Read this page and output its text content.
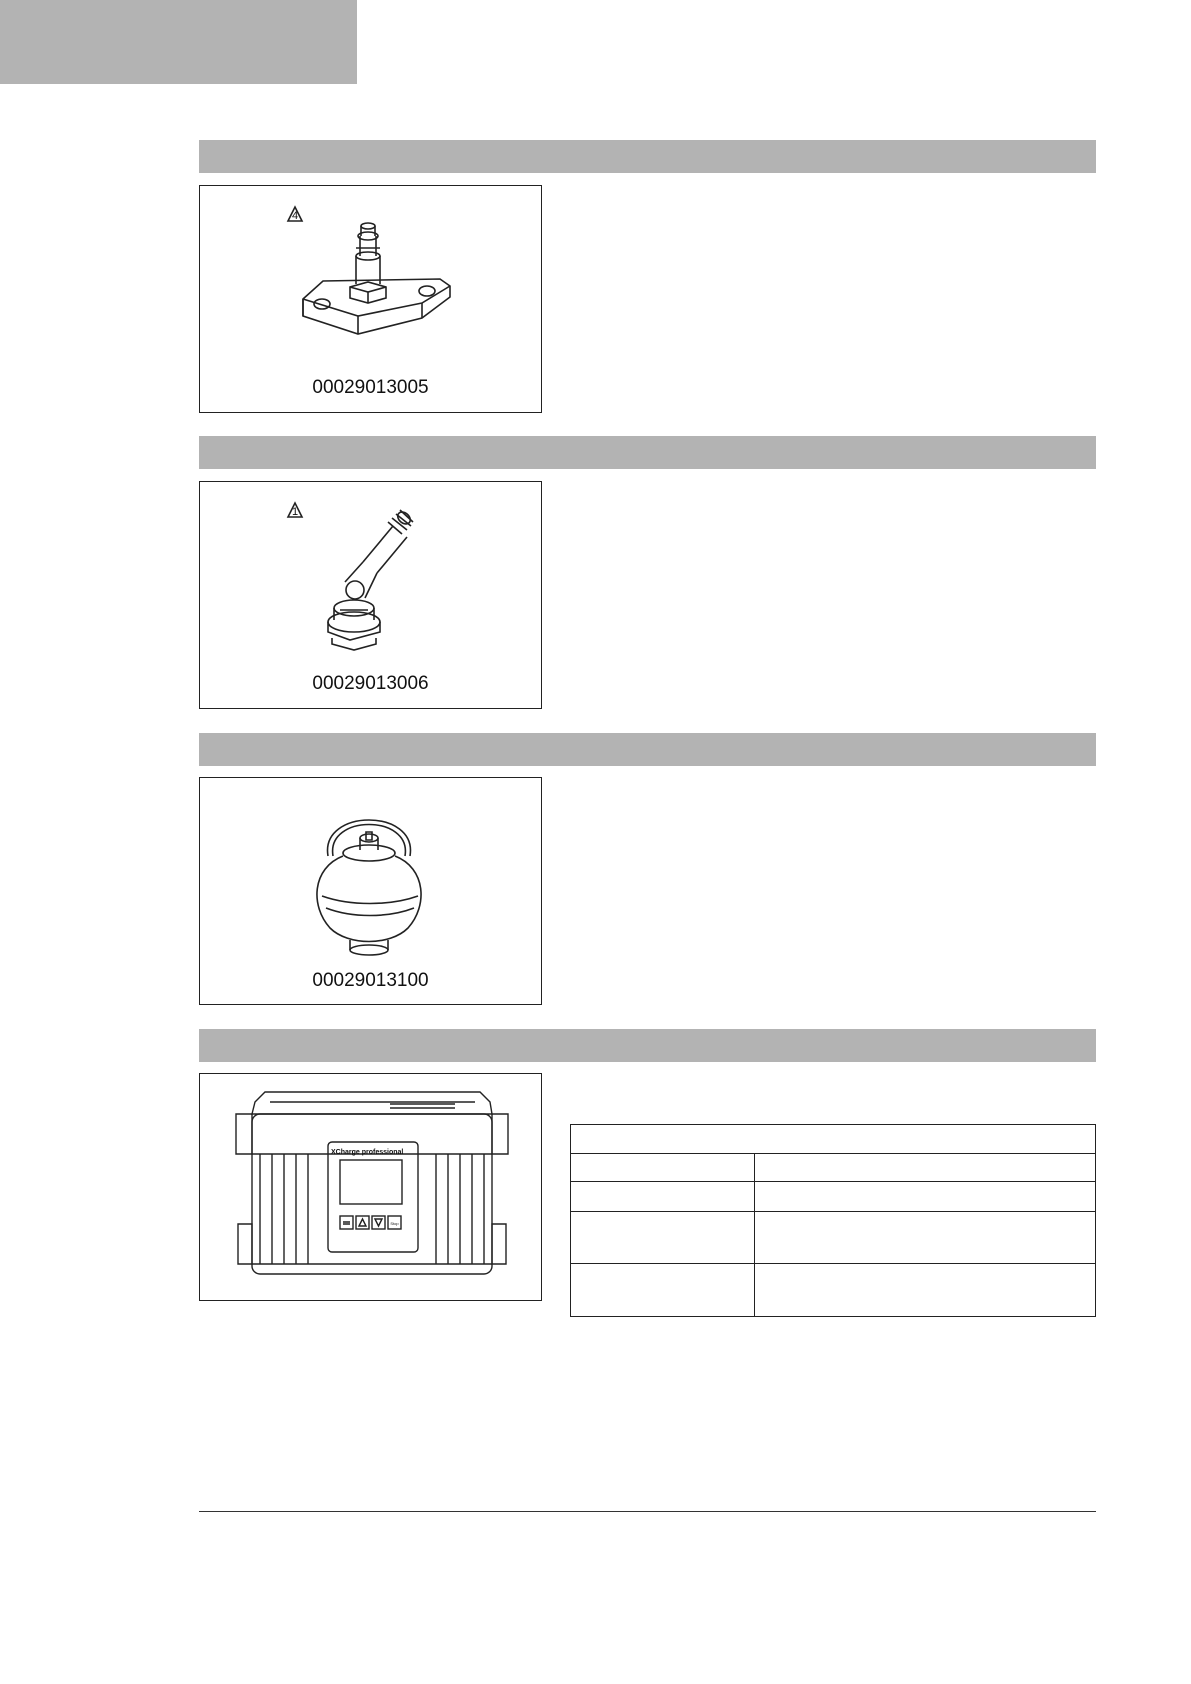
4
00029013005
1
00029013006
00029013100
XCharge professional
Stop
